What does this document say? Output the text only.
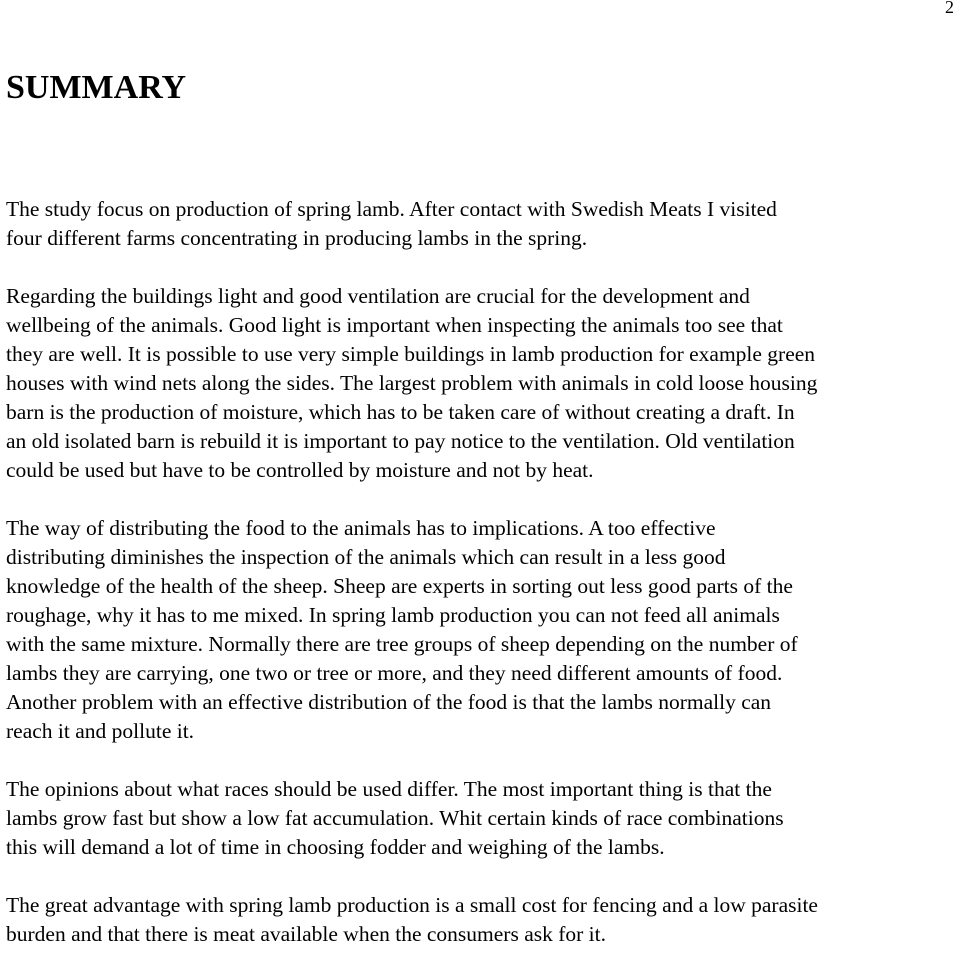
2
SUMMARY

The study focus on production of spring lamb. After contact with Swedish Meats I visited
four different farms concentrating in producing lambs in the spring.

Regarding the buildings light and good ventilation are crucial for the development and
wellbeing of the animals. Good light is important when inspecting the animals too see that
they are well. It is possible to use very simple buildings in lamb production for example green
houses with wind nets along the sides. The largest problem with animals in cold loose housing
barn is the production of moisture, which has to be taken care of without creating a draft. In
an old isolated barn is rebuild it is important to pay notice to the ventilation. Old ventilation
could be used but have to be controlled by moisture and not by heat.

The way of distributing the food to the animals has to implications. A too effective
distributing diminishes the inspection of the animals which can result in a less good
knowledge of the health of the sheep. Sheep are experts in sorting out less good parts of the
roughage, why it has to me mixed. In spring lamb production you can not feed all animals
with the same mixture. Normally there are tree groups of sheep depending on the number of
lambs they are carrying, one two or tree or more, and they need different amounts of food.
Another problem with an effective distribution of the food is that the lambs normally can
reach it and pollute it.

The opinions about what races should be used differ. The most important thing is that the
lambs grow fast but show a low fat accumulation. Whit certain kinds of race combinations
this will demand a lot of time in choosing fodder and weighing of the lambs.

The great advantage with spring lamb production is a small cost for fencing and a low parasite
burden and that there is meat available when the consumers ask for it.
